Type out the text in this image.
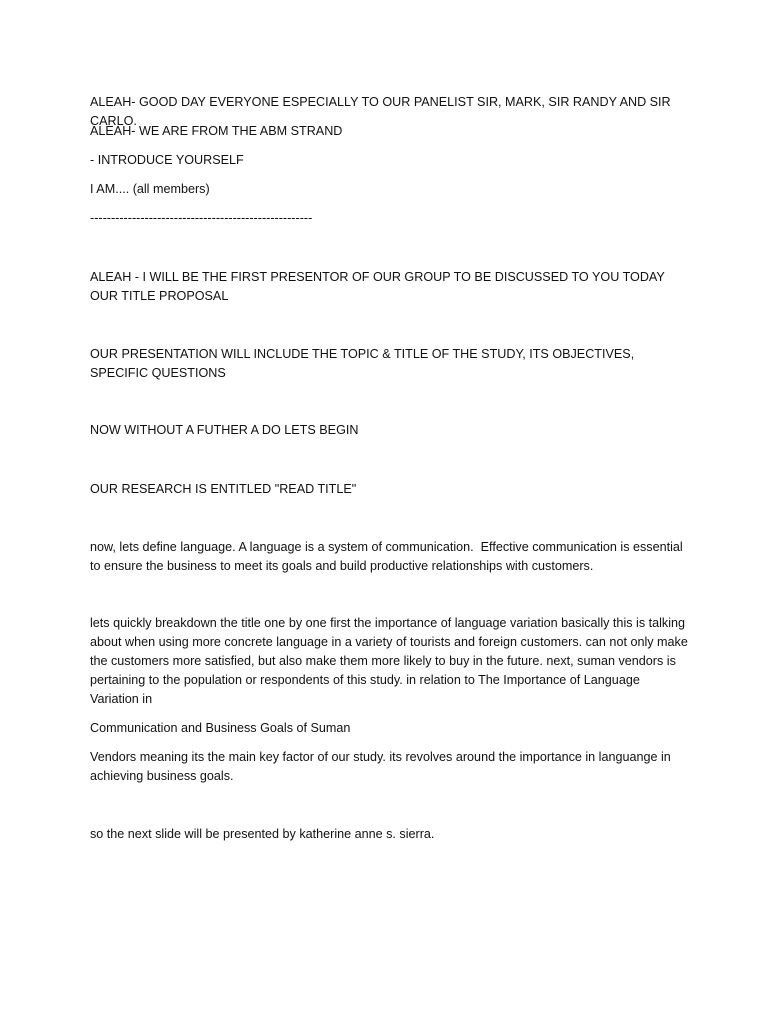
ALEAH- GOOD DAY EVERYONE ESPECIALLY TO OUR PANELIST SIR, MARK, SIR RANDY AND SIR CARLO.
ALEAH- WE ARE FROM THE ABM STRAND
- INTRODUCE YOURSELF
I AM.... (all members)
-----------------------------------------------------
ALEAH - I WILL BE THE FIRST PRESENTOR OF OUR GROUP TO BE DISCUSSED TO YOU TODAY OUR TITLE PROPOSAL
OUR PRESENTATION WILL INCLUDE THE TOPIC & TITLE OF THE STUDY, ITS OBJECTIVES, SPECIFIC QUESTIONS
NOW WITHOUT A FUTHER A DO LETS BEGIN
OUR RESEARCH IS ENTITLED "READ TITLE"
now, lets define language. A language is a system of communication.  Effective communication is essential to ensure the business to meet its goals and build productive relationships with customers.
lets quickly breakdown the title one by one first the importance of language variation basically this is talking about when using more concrete language in a variety of tourists and foreign customers. can not only make the customers more satisfied, but also make them more likely to buy in the future. next, suman vendors is pertaining to the population or respondents of this study. in relation to The Importance of Language Variation in
Communication and Business Goals of Suman
Vendors meaning its the main key factor of our study. its revolves around the importance in languange in achieving business goals.
so the next slide will be presented by katherine anne s. sierra.
